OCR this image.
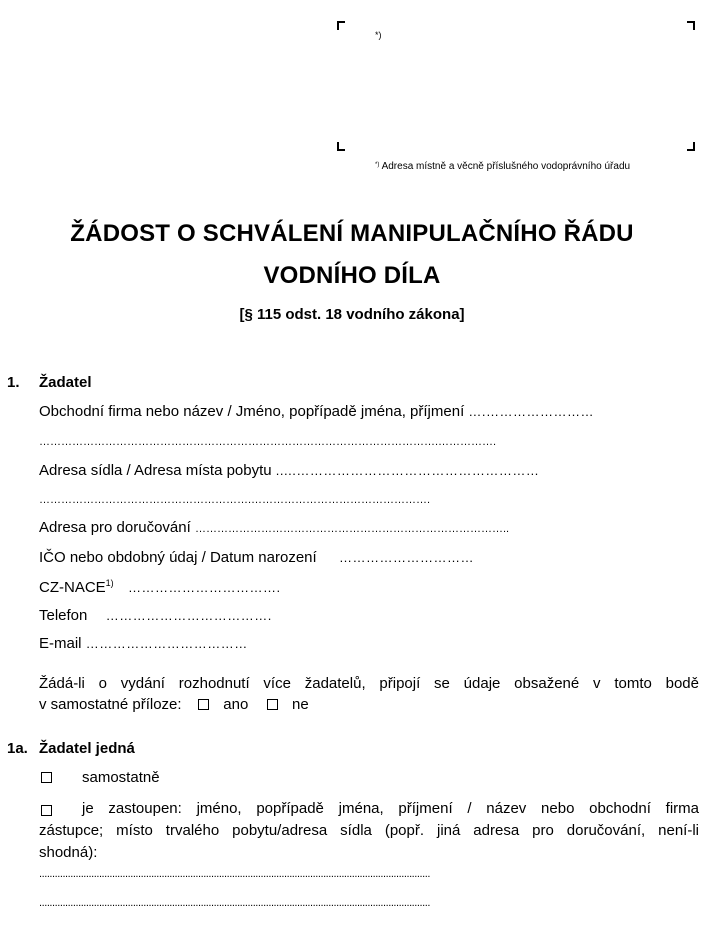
*)
*) Adresa místně a věcně příslušného vodoprávního úřadu
ŽÁDOST O SCHVÁLENÍ MANIPULAČNÍHO ŘÁDU
VODNÍHO DÍLA
[§ 115 odst. 18 vodního zákona]
1. Žadatel
Obchodní firma nebo název / Jméno, popřípadě jména, příjmení ….……………………
……………………………………………………………………………………………….…………….
Adresa sídla / Adresa místa pobytu .....………………………………………………
………………………………………………….………………………………………….
Adresa pro doručování …………………………………………………………………………..
IČO nebo obdobný údaj / Datum narození …………………………
CZ-NACE$^{1)}$ …………………………….
Telefon ……………………………….
E-mail ………………………………
Žádá-li o vydání rozhodnutí více žadatelů, připojí se údaje obsažené v tomto bodě
v samostatné příloze:	ano	ne
1a. Žadatel jedná
samostatně
je zastoupen: jméno, popřípadě jména, příjmení / název nebo obchodní firma
zástupce; místo trvalého pobytu/adresa sídla (popř. jiná adresa pro doručování, není-li
shodná):
......................................................................................................................................................
......................................................................................................................................................
